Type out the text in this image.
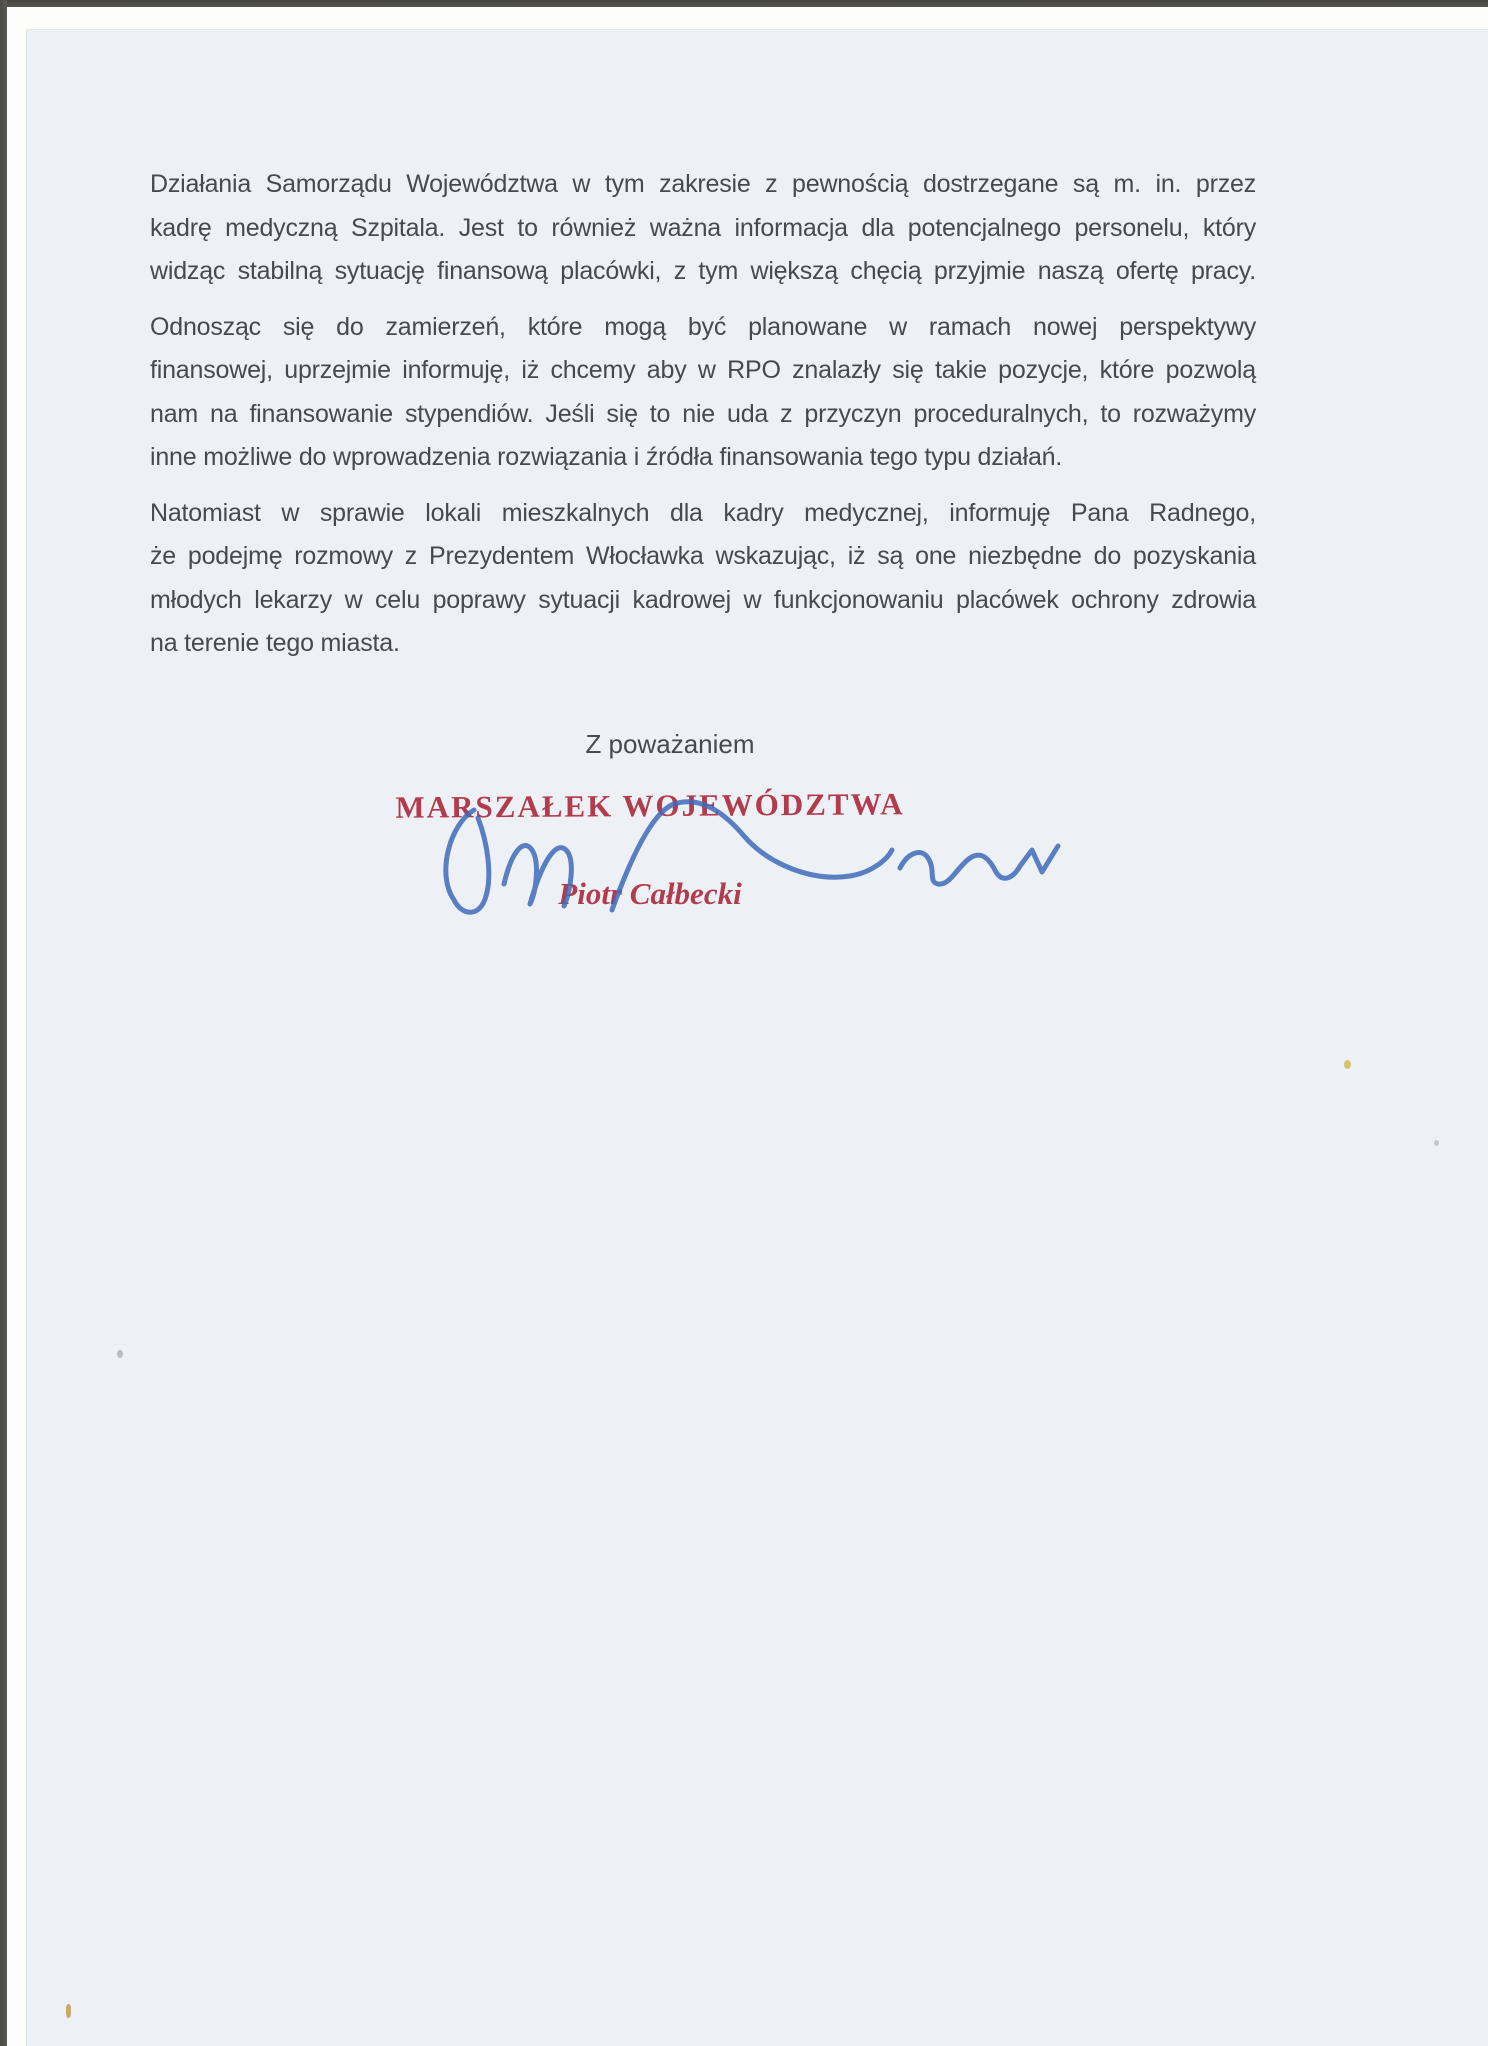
Działania Samorządu Województwa w tym zakresie z pewnością dostrzegane są m. in. przez
kadrę medyczną Szpitala. Jest to również ważna informacja dla potencjalnego personelu, który
widząc stabilną sytuację finansową placówki, z tym większą chęcią przyjmie naszą ofertę pracy.
Odnosząc się do zamierzeń, które mogą być planowane w ramach nowej perspektywy
finansowej, uprzejmie informuję, iż chcemy aby w RPO znalazły się takie pozycje, które pozwolą
nam na finansowanie stypendiów. Jeśli się to nie uda z przyczyn proceduralnych, to rozważymy
inne możliwe do wprowadzenia rozwiązania i źródła finansowania tego typu działań.
Natomiast w sprawie lokali mieszkalnych dla kadry medycznej, informuję Pana Radnego,
że podejmę rozmowy z Prezydentem Włocławka wskazując, iż są one niezbędne do pozyskania
młodych lekarzy w celu poprawy sytuacji kadrowej w funkcjonowaniu placówek ochrony zdrowia
na terenie tego miasta.
Z poważaniem
MARSZAŁEK WOJEWÓDZTWA
Piotr Całbecki
